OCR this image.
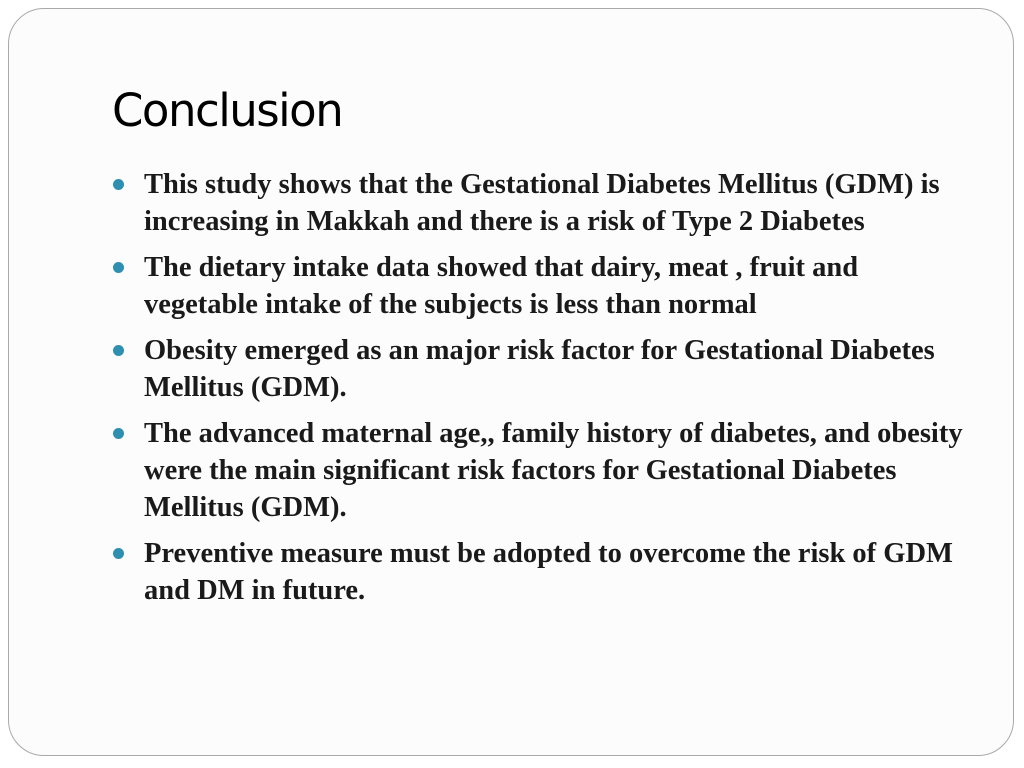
Conclusion
This study shows that the Gestational Diabetes Mellitus (GDM) is increasing in Makkah and there is a risk of Type 2 Diabetes
The dietary intake data showed that dairy, meat , fruit and vegetable intake of the subjects is less than normal
Obesity emerged as an major risk factor for Gestational Diabetes Mellitus (GDM).
The advanced maternal age,, family history of diabetes, and obesity were the main significant risk factors for Gestational Diabetes Mellitus (GDM).
Preventive measure must be adopted to overcome the risk of GDM and DM in future.
